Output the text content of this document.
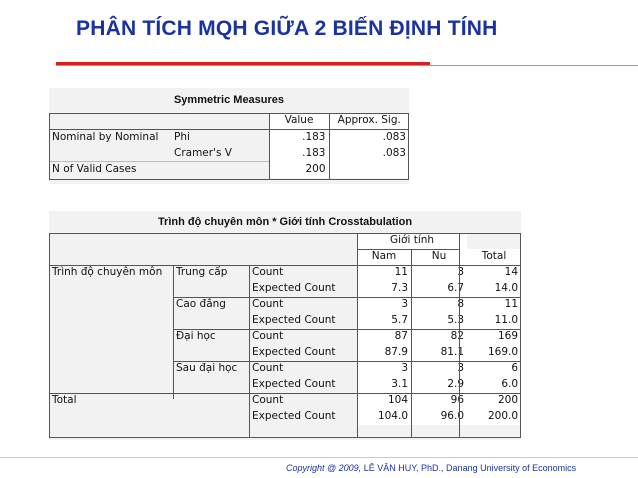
PHÂN TÍCH MQH GIỮA 2 BIẾN ĐỊNH TÍNH
Symmetric Measures
		Value	Approx. Sig.
Nominal by Nominal	Phi	.183	.083
	Cramer's V	.183	.083
N of Valid Cases		200	
Trình độ chuyên môn * Giới tính Crosstabulation
			Giới tính		
			Nam	Nu	Total
Trình độ chuyên môn	Trung cấp	Count	11	3	14
		Expected Count	7.3	6.7	14.0
	Cao đẳng	Count	3	8	11
		Expected Count	5.7	5.3	11.0
	Đại học	Count	87	82	169
		Expected Count	87.9	81.1	169.0
	Sau đại học	Count	3	3	6
		Expected Count	3.1	2.9	6.0
Total		Count	104	96	200
		Expected Count	104.0	96.0	200.0
Copyright @ 2009, LÊ VĂN HUY, PhD., Danang University of Economics
